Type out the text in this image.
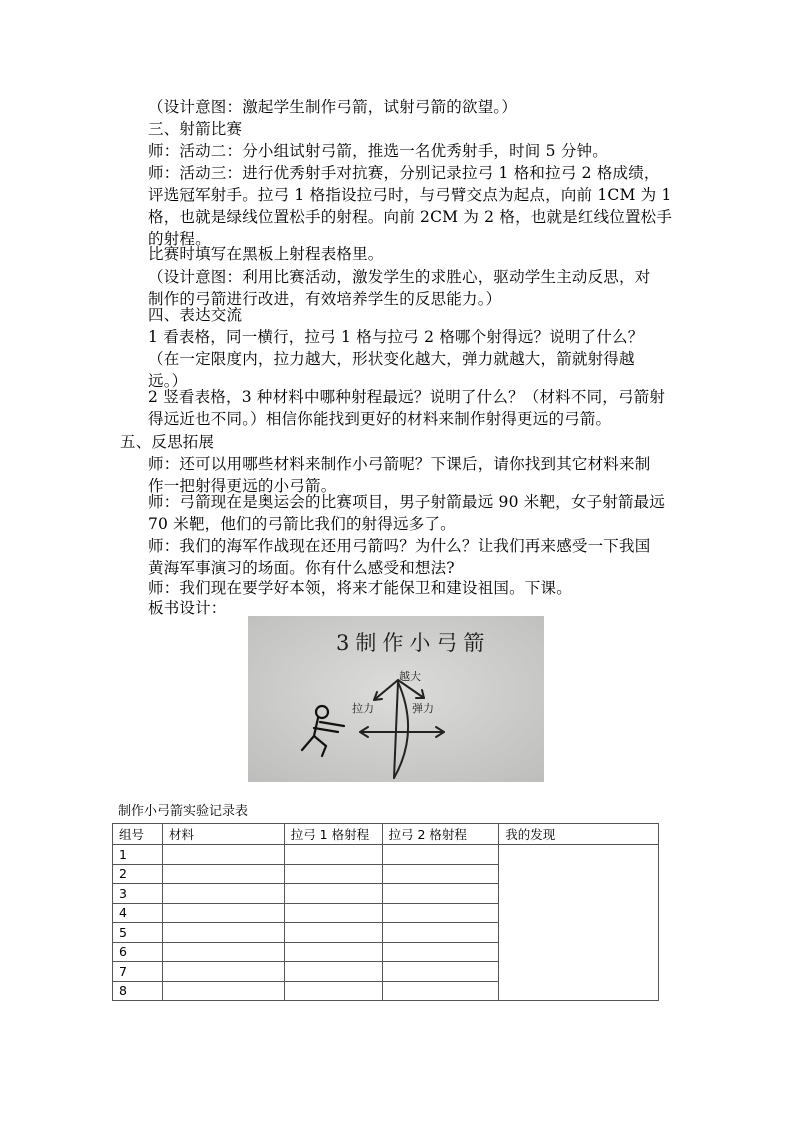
（设计意图：激起学生制作弓箭，试射弓箭的欲望。）
三、射箭比赛
师：活动二：分小组试射弓箭，推选一名优秀射手，时间 5 分钟。
师：活动三：进行优秀射手对抗赛，分别记录拉弓 1 格和拉弓 2 格成绩，
评选冠军射手。拉弓 1 格指设拉弓时，与弓臂交点为起点，向前 1CM 为 1
格，也就是绿线位置松手的射程。向前 2CM 为 2 格，也就是红线位置松手
的射程。
比赛时填写在黑板上射程表格里。
（设计意图：利用比赛活动，激发学生的求胜心，驱动学生主动反思，对
制作的弓箭进行改进，有效培养学生的反思能力。）
四、表达交流
1 看表格，同一横行，拉弓 1 格与拉弓 2 格哪个射得远？说明了什么？
（在一定限度内，拉力越大，形状变化越大，弹力就越大，箭就射得越
远。）
2 竖看表格，3 种材料中哪种射程最远？说明了什么？（材料不同，弓箭射
得远近也不同。）相信你能找到更好的材料来制作射得更远的弓箭。
五、反思拓展
师：还可以用哪些材料来制作小弓箭呢？下课后，请你找到其它材料来制
作一把射得更远的小弓箭。
师：弓箭现在是奥运会的比赛项目，男子射箭最远 90 米靶，女子射箭最远
70 米靶，他们的弓箭比我们的射得远多了。
师：我们的海军作战现在还用弓箭吗？为什么？让我们再来感受一下我国
黄海军事演习的场面。你有什么感受和想法?
师：我们现在要学好本领，将来才能保卫和建设祖国。下课。
板书设计：
3制作小弓箭
越大
拉力	弹力
制作小弓箭实验记录表
组号	材料	拉弓 1 格射程	拉弓 2 格射程	我的发现
1				
2				
3				
4				
5				
6				
7				
8				
